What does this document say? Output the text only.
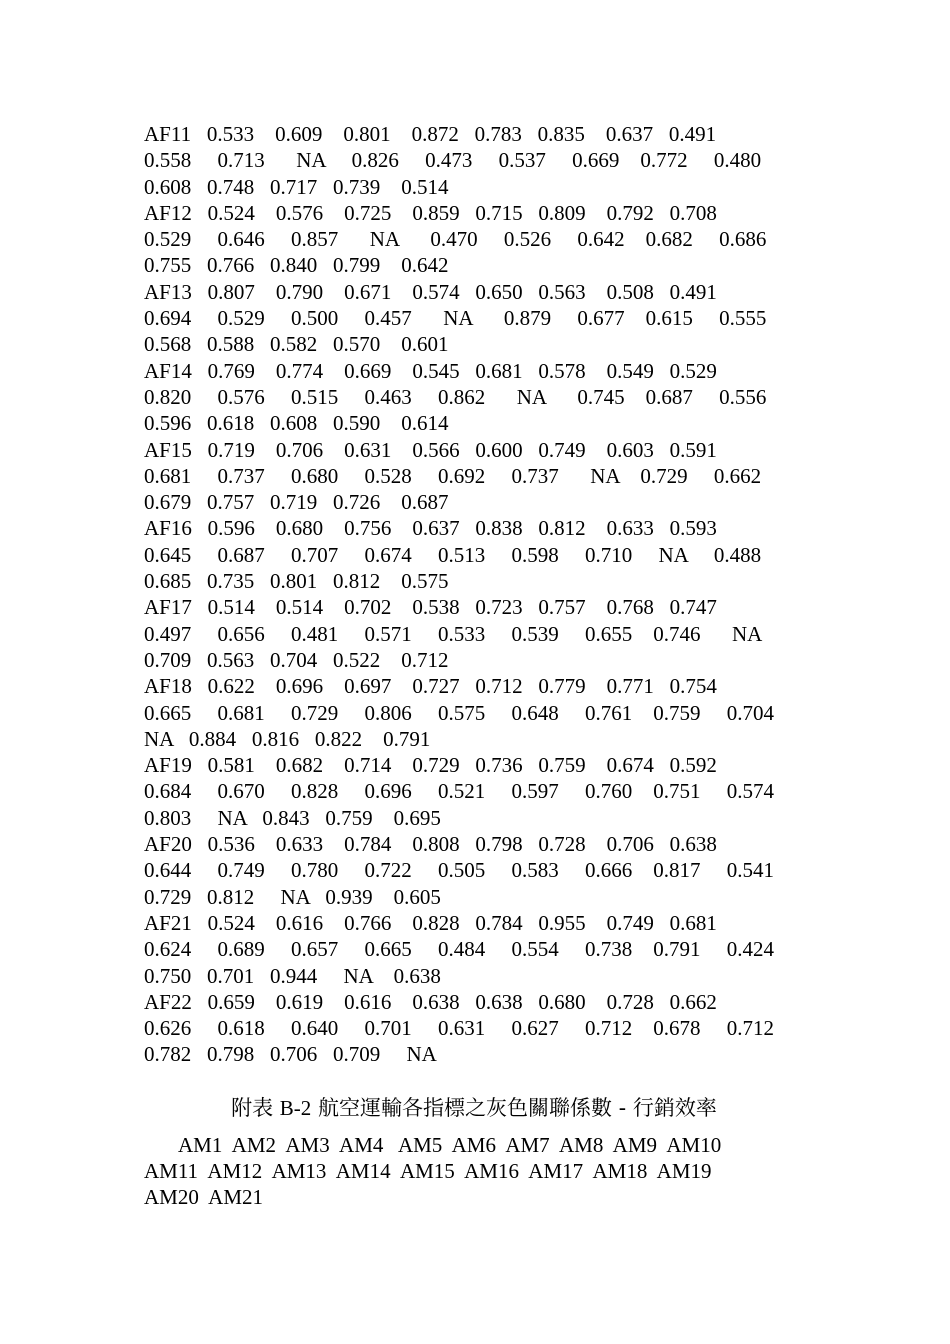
AF11   0.533    0.609    0.801    0.872   0.783   0.835    0.637   0.491
0.558     0.713      NA     0.826     0.473     0.537     0.669    0.772     0.480
0.608   0.748   0.717   0.739    0.514
AF12   0.524    0.576    0.725    0.859   0.715   0.809    0.792   0.708
0.529     0.646     0.857      NA      0.470     0.526     0.642    0.682     0.686
0.755   0.766   0.840   0.799    0.642
AF13   0.807    0.790    0.671    0.574   0.650   0.563    0.508   0.491
0.694     0.529     0.500     0.457      NA      0.879     0.677    0.615     0.555
0.568   0.588   0.582   0.570    0.601
AF14   0.769    0.774    0.669    0.545   0.681   0.578    0.549   0.529
0.820     0.576     0.515     0.463     0.862      NA      0.745    0.687     0.556
0.596   0.618   0.608   0.590    0.614
AF15   0.719    0.706    0.631    0.566   0.600   0.749    0.603   0.591
0.681     0.737     0.680     0.528     0.692     0.737      NA    0.729     0.662
0.679   0.757   0.719   0.726    0.687
AF16   0.596    0.680    0.756    0.637   0.838   0.812    0.633   0.593
0.645     0.687     0.707     0.674     0.513     0.598     0.710     NA     0.488
0.685   0.735   0.801   0.812    0.575
AF17   0.514    0.514    0.702    0.538   0.723   0.757    0.768   0.747
0.497     0.656     0.481     0.571     0.533     0.539     0.655    0.746      NA
0.709   0.563   0.704   0.522    0.712
AF18   0.622    0.696    0.697    0.727   0.712   0.779    0.771   0.754
0.665     0.681     0.729     0.806     0.575     0.648     0.761    0.759     0.704
NA   0.884   0.816   0.822    0.791
AF19   0.581    0.682    0.714    0.729   0.736   0.759    0.674   0.592
0.684     0.670     0.828     0.696     0.521     0.597     0.760    0.751     0.574
0.803     NA   0.843   0.759    0.695
AF20   0.536    0.633    0.784    0.808   0.798   0.728    0.706   0.638
0.644     0.749     0.780     0.722     0.505     0.583     0.666    0.817     0.541
0.729   0.812     NA   0.939    0.605
AF21   0.524    0.616    0.766    0.828   0.784   0.955    0.749   0.681
0.624     0.689     0.657     0.665     0.484     0.554     0.738    0.791     0.424
0.750   0.701   0.944     NA    0.638
AF22   0.659    0.619    0.616    0.638   0.638   0.680    0.728   0.662
0.626     0.618     0.640     0.701     0.631     0.627     0.712    0.678     0.712
0.782   0.798   0.706   0.709     NA
附表 B-2 航空運輸各指標之灰色關聯係數 - 行銷效率
AM1  AM2  AM3  AM4   AM5  AM6  AM7  AM8  AM9  AM10
AM11  AM12  AM13  AM14  AM15  AM16  AM17  AM18  AM19
AM20  AM21
